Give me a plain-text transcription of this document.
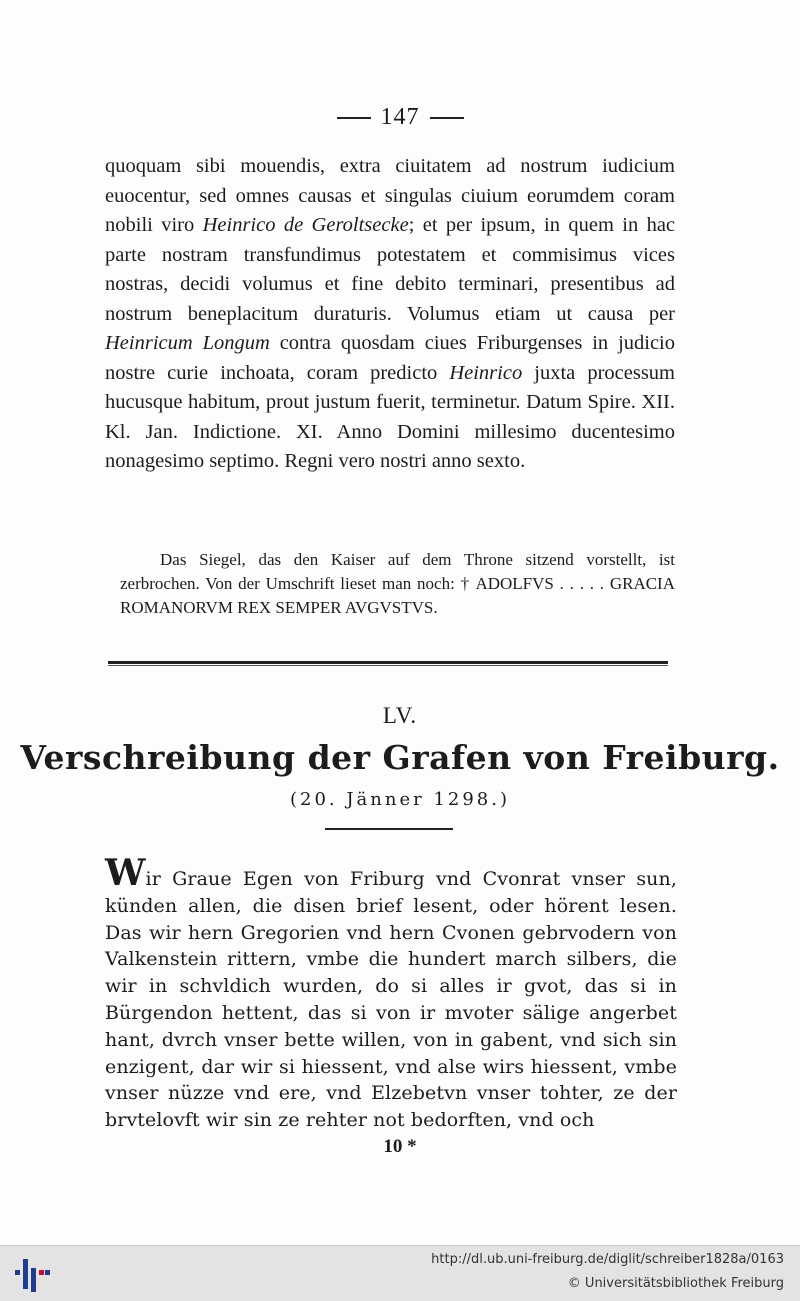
147

quoquam sibi mouendis, extra ciuitatem ad nostrum iudicium euocentur, sed omnes causas et singulas ciuium eorumdem coram nobili viro Heinrico de Geroltsecke; et per ipsum, in quem in hac parte nostram transfundimus potestatem et commisimus vices nostras, decidi volumus et fine debito terminari, presentibus ad nostrum beneplacitum duraturis. Volumus etiam ut causa per Heinricum Longum contra quosdam ciues Friburgenses in judicio nostre curie inchoata, coram predicto Heinrico juxta processum hucusque habitum, prout justum fuerit, terminetur. Datum Spire. XII. Kl. Jan. Indictione. XI. Anno Domini millesimo ducentesimo nonagesimo septimo. Regni vero nostri anno sexto.

Das Siegel, das den Kaiser auf dem Throne sitzend vorstellt, ist zerbrochen. Von der Umschrift lieset man noch: † ADOLFVS . . . . . GRACIA ROMANORVM REX SEMPER AVGVSTVS.

LV.
Verschreibung der Grafen von Freiburg.
(20. Jänner 1298.)

Wir Graue Egen von Friburg vnd Cvonrat vnser sun, künden allen, die disen brief lesent, oder hörent lesen. Das wir hern Gregorien vnd hern Cvonen gebrvodern von Valkenstein rittern, vmbe die hundert march silbers, die wir in schvldich wurden, do si alles ir gvot, das si in Bürgendon hettent, das si von ir mvoter sälige angerbet hant, dvrch vnser bette willen, von in gabent, vnd sich sin enzigent, dar wir si hiessent, vnd alse wirs hiessent, vmbe vnser nüzze vnd ere, vnd Elzebetvn vnser tohter, ze der brvtelovft wir sin ze rehter not bedorften, vnd och

10 *
http://dl.ub.uni-freiburg.de/diglit/schreiber1828a/0163
© Universitätsbibliothek Freiburg
